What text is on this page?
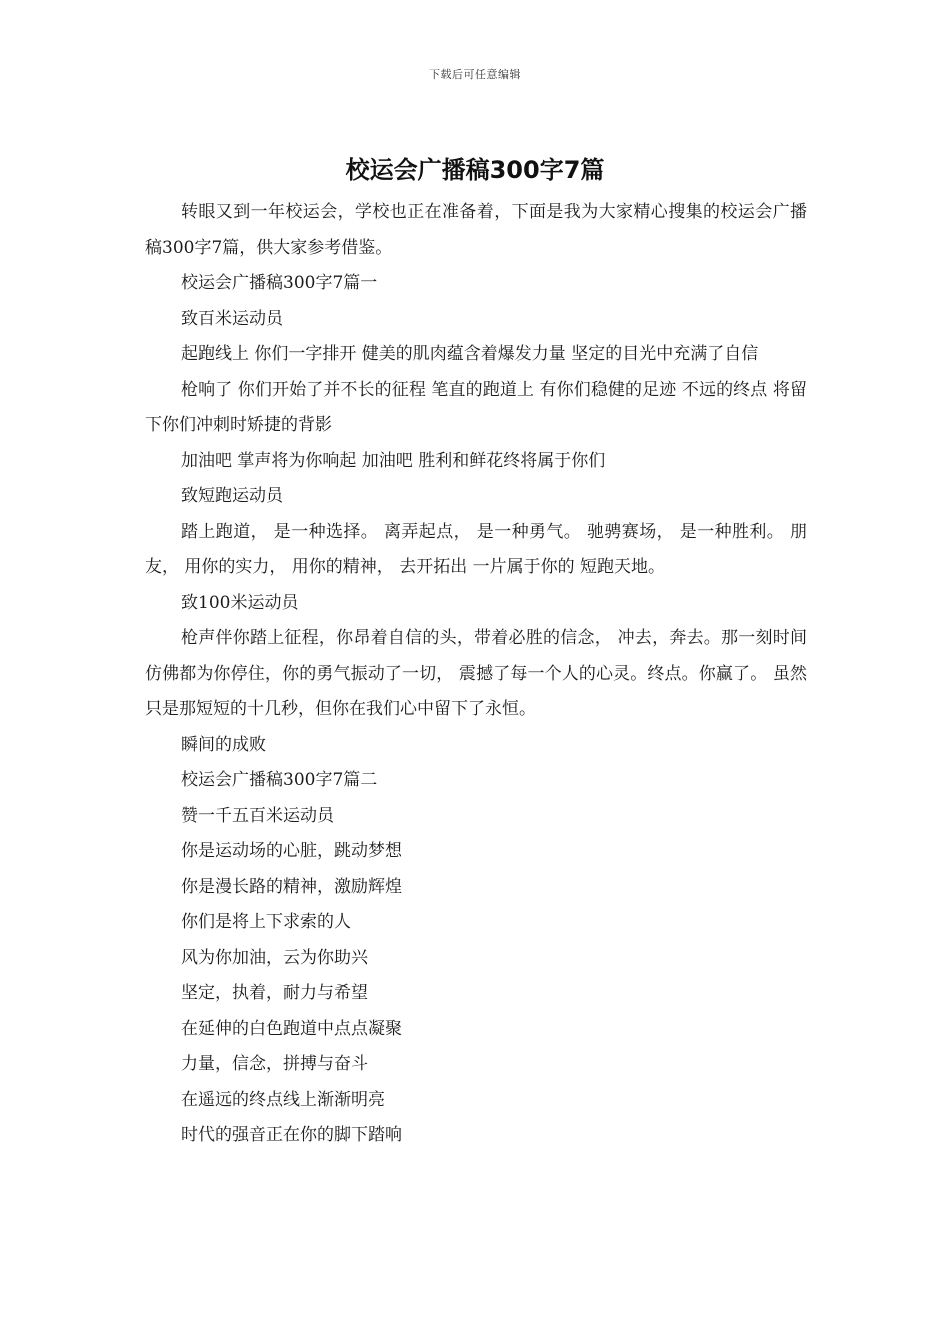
下载后可任意编辑
校运会广播稿300字7篇

转眼又到一年校运会，学校也正在准备着，下面是我为大家精心搜集的校运会广播稿300字7篇，供大家参考借鉴。

校运会广播稿300字7篇一

致百米运动员

起跑线上 你们一字排开 健美的肌肉蕴含着爆发力量 坚定的目光中充满了自信

枪响了 你们开始了并不长的征程 笔直的跑道上 有你们稳健的足迹 不远的终点 将留下你们冲刺时矫捷的背影

加油吧 掌声将为你响起 加油吧 胜利和鲜花终将属于你们

致短跑运动员

踏上跑道， 是一种选择。 离弄起点， 是一种勇气。 驰骋赛场， 是一种胜利。 朋友， 用你的实力， 用你的精神， 去开拓出 一片属于你的 短跑天地。

致100米运动员

枪声伴你踏上征程，你昂着自信的头，带着必胜的信念， 冲去，奔去。那一刻时间仿佛都为你停住，你的勇气振动了一切， 震撼了每一个人的心灵。终点。你赢了。 虽然只是那短短的十几秒，但你在我们心中留下了永恒。

瞬间的成败

校运会广播稿300字7篇二

赞一千五百米运动员

你是运动场的心脏，跳动梦想

你是漫长路的精神，激励辉煌

你们是将上下求索的人

风为你加油，云为你助兴

坚定，执着，耐力与希望

在延伸的白色跑道中点点凝聚

力量，信念，拼搏与奋斗

在遥远的终点线上渐渐明亮

时代的强音正在你的脚下踏响
